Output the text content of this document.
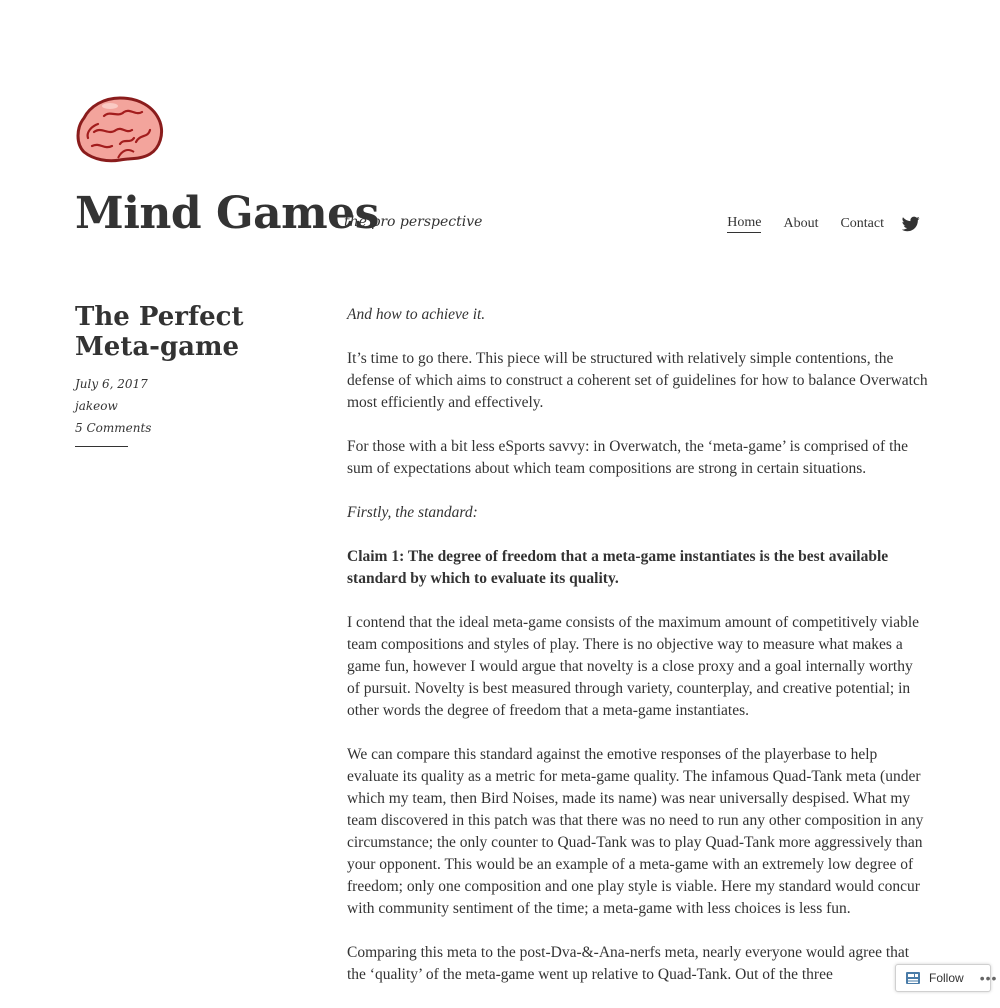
Mind Games
the pro perspective	Home About Contact
The Perfect
Meta-game
July 6, 2017
jakeow
5 Comments

And how to achieve it.

It’s time to go there. This piece will be structured with relatively simple contentions, the defense of which aims to construct a coherent set of guidelines for how to balance Overwatch most efficiently and effectively.

For those with a bit less eSports savvy: in Overwatch, the ‘meta-game’ is comprised of the sum of expectations about which team compositions are strong in certain situations.

Firstly, the standard:

Claim 1: The degree of freedom that a meta-game instantiates is the best available standard by which to evaluate its quality.

I contend that the ideal meta-game consists of the maximum amount of competitively viable team compositions and styles of play. There is no objective way to measure what makes a game fun, however I would argue that novelty is a close proxy and a goal internally worthy of pursuit. Novelty is best measured through variety, counterplay, and creative potential; in other words the degree of freedom that a meta-game instantiates.

We can compare this standard against the emotive responses of the playerbase to help evaluate its quality as a metric for meta-game quality. The infamous Quad-Tank meta (under which my team, then Bird Noises, made its name) was near universally despised. What my team discovered in this patch was that there was no need to run any other composition in any circumstance; the only counter to Quad-Tank was to play Quad-Tank more aggressively than your opponent. This would be an example of a meta-game with an extremely low degree of freedom; only one composition and one play style is viable. Here my standard would concur with community sentiment of the time; a meta-game with less choices is less fun.

Comparing this meta to the post-Dva-&-Ana-nerfs meta, nearly everyone would agree that the ‘quality’ of the meta-game went up relative to Quad-Tank. Out of the three	Follow •••
